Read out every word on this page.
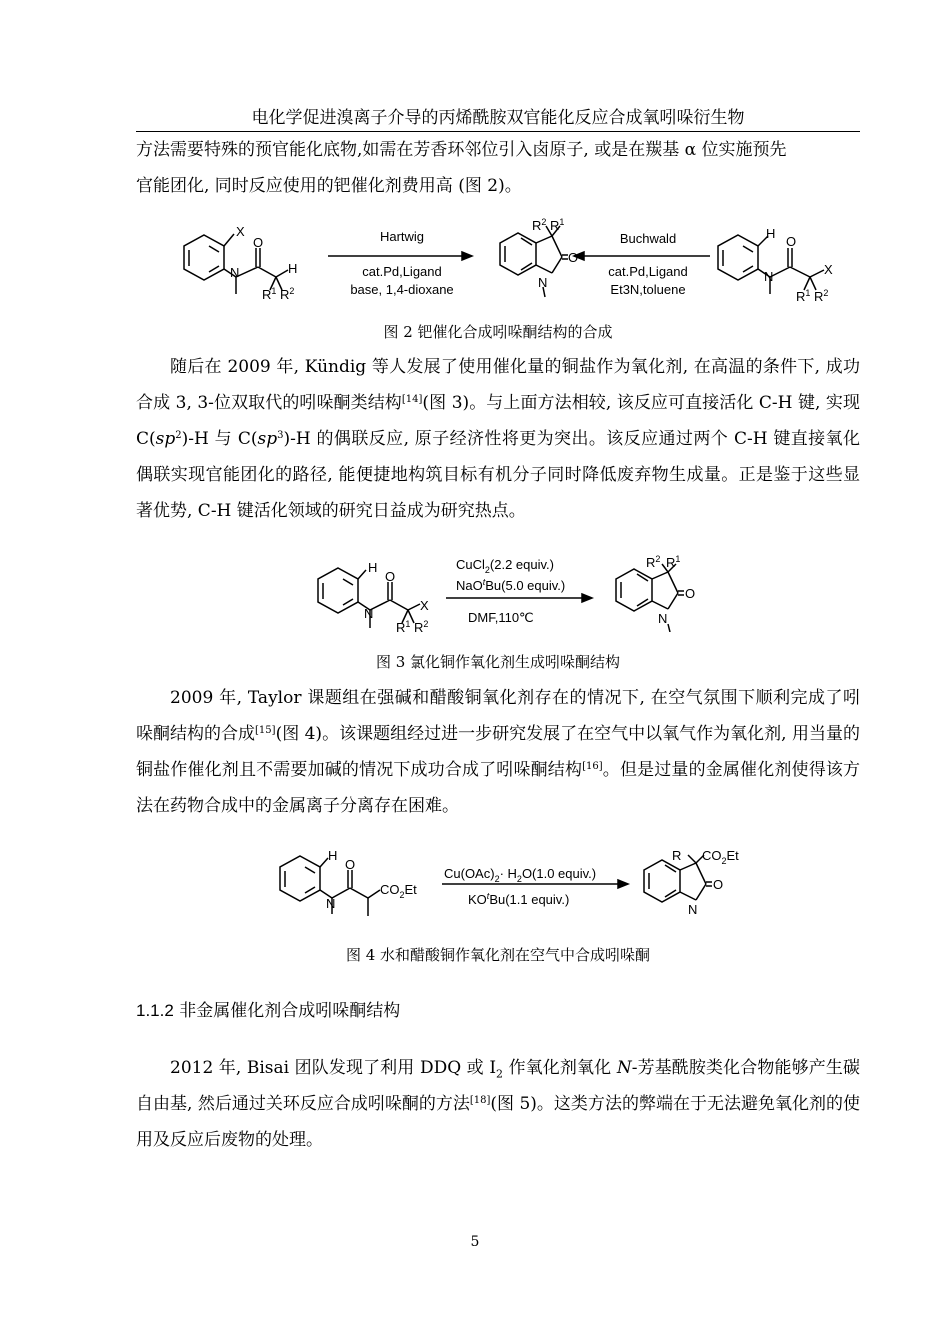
电化学促进溴离子介导的丙烯酰胺双官能化反应合成氧吲哚衍生物
方法需要特殊的预官能化底物,如需在芳香环邻位引入卤原子, 或是在羰基 α 位实施预先
官能团化, 同时反应使用的钯催化剂费用高 (图 2)。
X
O
N	H
$R^1$ $R^2$
Hartwig
cat.Pd,Ligand
base, 1,4-dioxane
$R^2$ $R^1$
O
N
Buchwald
cat.Pd,Ligand
Et3N,toluene
H
O
N	X
$R^1$ $R^2$
图 2 钯催化合成吲哚酮结构的合成
随后在 2009 年, Kündig 等人发展了使用催化量的铜盐作为氧化剂, 在高温的条件下, 成功合成 3, 3-位双取代的吲哚酮类结构[14](图 3)。与上面方法相较, 该反应可直接活化 C-H 键, 实现 $C(sp^2)-H$ 与 $C(sp^3)-H$ 的偶联反应, 原子经济性将更为突出。该反应通过两个 C-H 键直接氧化偶联实现官能团化的路径, 能便捷地构筑目标有机分子同时降低废弃物生成量。正是鉴于这些显著优势, C-H 键活化领域的研究日益成为研究热点。
H
O
N
X
$R^1$ $R^2$
CuCl$_2$(2.2 equiv.)
NaO$^t$Bu(5.0 equiv.)
DMF,110℃
$R^2$ $R^1$
O
N
图 3 氯化铜作氧化剂生成吲哚酮结构
2009 年, Taylor 课题组在强碱和醋酸铜氧化剂存在的情况下, 在空气氛围下顺利完成了吲哚酮结构的合成[15](图 4)。该课题组经过进一步研究发展了在空气中以氧气作为氧化剂, 用当量的铜盐作催化剂且不需要加碱的情况下成功合成了吲哚酮结构[16]。但是过量的金属催化剂使得该方法在药物合成中的金属离子分离存在困难。
H
O
N
$CO_2Et$
$Cu(OAc)_2\cdot H_2O(1.0$ equiv.)
$KO^tBu(1.1$ equiv.)
R $CO_2Et$
O
N
图 4 水和醋酸铜作氧化剂在空气中合成吲哚酮
1.1.2 非金属催化剂合成吲哚酮结构
2012 年, Bisai 团队发现了利用 DDQ 或 $I_2$ 作氧化剂氧化 N-芳基酰胺类化合物能够产生碳自由基, 然后通过关环反应合成吲哚酮的方法[18](图 5)。这类方法的弊端在于无法避免氧化剂的使用及反应后废物的处理。
5
